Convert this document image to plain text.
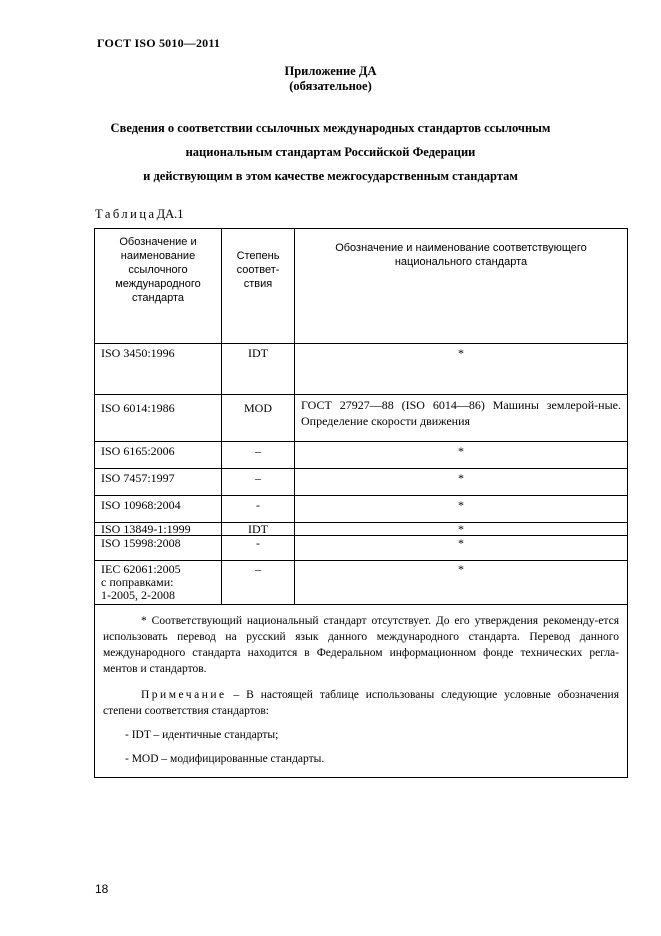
ГОСТ ISO 5010—2011
Приложение ДА
(обязательное)
Сведения о соответствии ссылочных международных стандартов ссылочным
национальным стандартам Российской Федерации
и действующим в этом качестве межгосударственным стандартам
ТаблицаДА.1
Обозначение и наименование ссылочного международного стандарта	Степень соответ-ствия	Обозначение и наименование соответствующего национального стандарта
ISO 3450:1996	IDT	*
ISO 6014:1986	MOD	ГОСТ 27927—88 (ISO 6014—86) Машины землерой-ные. Определение скорости движения
ISO 6165:2006	–	*
ISO 7457:1997	–	*
ISO 10968:2004	-	*
ISO 13849-1:1999	IDT	*
ISO 15998:2008	-	*

IEC 62061:2005
с поправками:
1-2005, 2-2008	–	*

* Соответствующий национальный стандарт отсутствует. До его утверждения рекоменду-ется использовать перевод на русский язык данного международного стандарта. Перевод данного международного стандарта находится в Федеральном информационном фонде технических регла-ментов и стандартов.

Примечание – В настоящей таблице использованы следующие условные обозначения степени соответствия стандартов:

- IDT – идентичные стандарты;

- MOD – модифицированные стандарты.		

18
